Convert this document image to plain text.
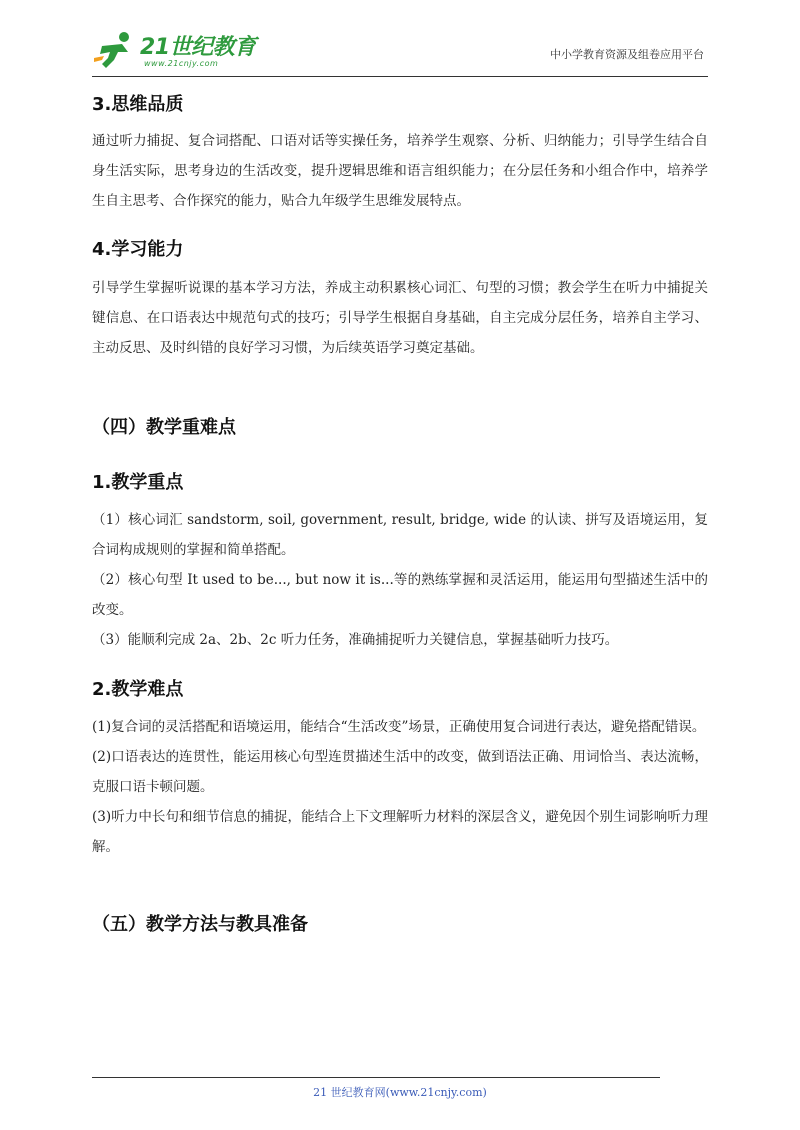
21世纪教育
www.21cnjy.com
中小学教育资源及组卷应用平台
3.思维品质

通过听力捕捉、复合词搭配、口语对话等实操任务，培养学生观察、分析、归纳能力；引导学生结合自身生活实际，思考身边的生活改变，提升逻辑思维和语言组织能力；在分层任务和小组合作中，培养学生自主思考、合作探究的能力，贴合九年级学生思维发展特点。

4.学习能力

引导学生掌握听说课的基本学习方法，养成主动积累核心词汇、句型的习惯；教会学生在听力中捕捉关键信息、在口语表达中规范句式的技巧；引导学生根据自身基础，自主完成分层任务，培养自主学习、主动反思、及时纠错的良好学习习惯，为后续英语学习奠定基础。

（四）教学重难点
1.教学重点

（1）核心词汇 sandstorm, soil, government, result, bridge, wide 的认读、拼写及语境运用，复合词构成规则的掌握和简单搭配。

（2）核心句型 It used to be..., but now it is...等的熟练掌握和灵活运用，能运用句型描述生活中的改变。

（3）能顺利完成 2a、2b、2c 听力任务，准确捕捉听力关键信息，掌握基础听力技巧。

2.教学难点

(1)复合词的灵活搭配和语境运用，能结合“生活改变”场景，正确使用复合词进行表达，避免搭配错误。

(2)口语表达的连贯性，能运用核心句型连贯描述生活中的改变，做到语法正确、用词恰当、表达流畅，克服口语卡顿问题。

(3)听力中长句和细节信息的捕捉，能结合上下文理解听力材料的深层含义，避免因个别生词影响听力理解。

（五）教学方法与教具准备
21 世纪教育网(www.21cnjy.com)
